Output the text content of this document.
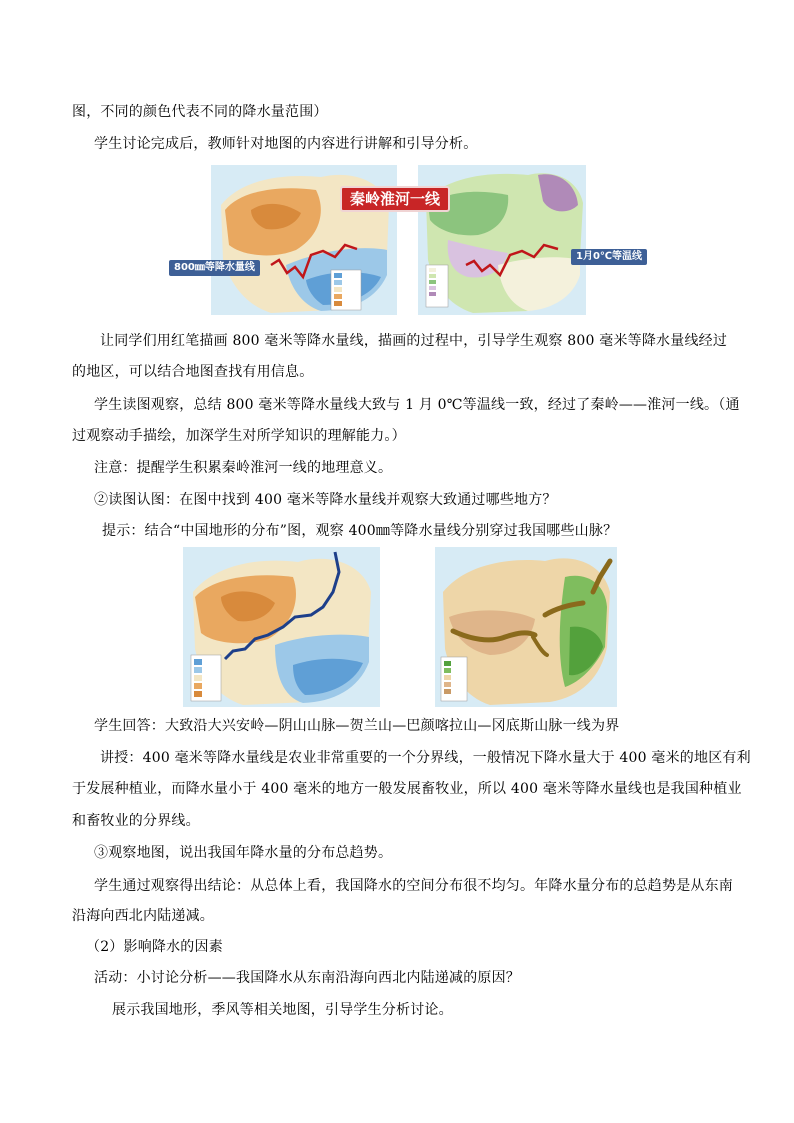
图，不同的颜色代表不同的降水量范围）
学生讨论完成后，教师针对地图的内容进行讲解和引导分析。
秦岭淮河一线
800㎜等降水量线
1月0℃等温线
让同学们用红笔描画 800 毫米等降水量线，描画的过程中，引导学生观察 800 毫米等降水量线经过
的地区，可以结合地图查找有用信息。
学生读图观察，总结 800 毫米等降水量线大致与 1 月 0℃等温线一致，经过了秦岭——淮河一线。（通
过观察动手描绘，加深学生对所学知识的理解能力。）
注意：提醒学生积累秦岭淮河一线的地理意义。
②读图认图：在图中找到 400 毫米等降水量线并观察大致通过哪些地方？
提示：结合“中国地形的分布”图，观察 400㎜等降水量线分别穿过我国哪些山脉？
学生回答：大致沿大兴安岭—阴山山脉—贺兰山—巴颜喀拉山—冈底斯山脉一线为界
讲授：400 毫米等降水量线是农业非常重要的一个分界线，一般情况下降水量大于 400 毫米的地区有利
于发展种植业，而降水量小于 400 毫米的地方一般发展畜牧业，所以 400 毫米等降水量线也是我国种植业
和畜牧业的分界线。
③观察地图，说出我国年降水量的分布总趋势。
学生通过观察得出结论：从总体上看，我国降水的空间分布很不均匀。年降水量分布的总趋势是从东南
沿海向西北内陆递减。
（2）影响降水的因素
活动：小讨论分析——我国降水从东南沿海向西北内陆递减的原因？
展示我国地形，季风等相关地图，引导学生分析讨论。
